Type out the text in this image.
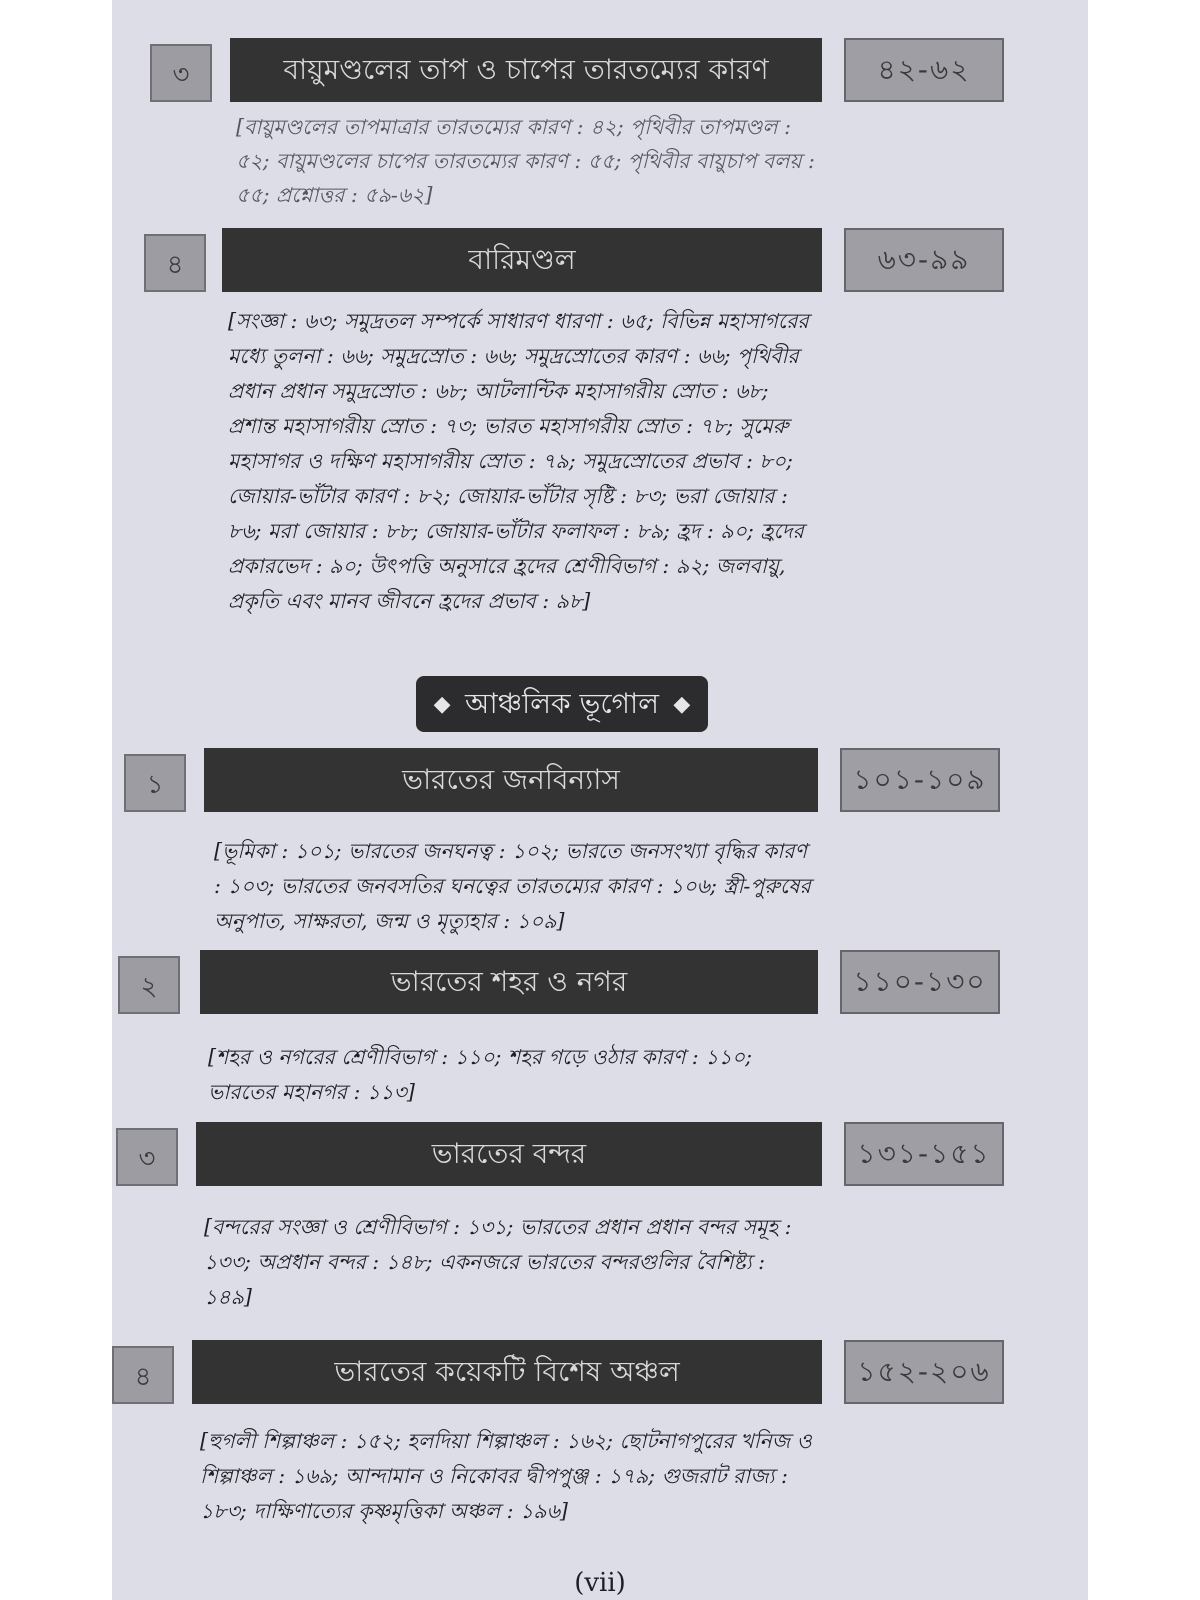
৩	বায়ুমণ্ডলের তাপ ও চাপের তারতম্যের কারণ	৪২-৬২
[বায়ুমণ্ডলের তাপমাত্রার তারতম্যের কারণ : ৪২; পৃথিবীর তাপমণ্ডল : ৫২; বায়ুমণ্ডলের চাপের তারতম্যের কারণ : ৫৫; পৃথিবীর বায়ুচাপ বলয় : ৫৫; প্রশ্নোত্তর : ৫৯-৬২]
৪	বারিমণ্ডল	৬৩-৯৯
[সংজ্ঞা : ৬৩; সমুদ্রতল সম্পর্কে সাধারণ ধারণা : ৬৫; বিভিন্ন মহাসাগরের মধ্যে তুলনা : ৬৬; সমুদ্রস্রোত : ৬৬; সমুদ্রস্রোতের কারণ : ৬৬; পৃথিবীর প্রধান প্রধান সমুদ্রস্রোত : ৬৮; আটলান্টিক মহাসাগরীয় স্রোত : ৬৮; প্রশান্ত মহাসাগরীয় স্রোত : ৭৩; ভারত মহাসাগরীয় স্রোত : ৭৮; সুমেরু মহাসাগর ও দক্ষিণ মহাসাগরীয় স্রোত : ৭৯; সমুদ্রস্রোতের প্রভাব : ৮০; জোয়ার-ভাঁটার কারণ : ৮২; জোয়ার-ভাঁটার সৃষ্টি : ৮৩; ভরা জোয়ার : ৮৬; মরা জোয়ার : ৮৮; জোয়ার-ভাঁটার ফলাফল : ৮৯; হ্রদ : ৯০; হ্রদের প্রকারভেদ : ৯০; উৎপত্তি অনুসারে হ্রদের শ্রেণীবিভাগ : ৯২; জলবায়ু, প্রকৃতি এবং মানব জীবনে হ্রদের প্রভাব : ৯৮]
◆ আঞ্চলিক ভূগোল ◆
১	ভারতের জনবিন্যাস	১০১-১০৯
[ভূমিকা : ১০১; ভারতের জনঘনত্ব : ১০২; ভারতে জনসংখ্যা বৃদ্ধির কারণ : ১০৩; ভারতের জনবসতির ঘনত্বের তারতম্যের কারণ : ১০৬; স্ত্রী-পুরুষের অনুপাত, সাক্ষরতা, জন্ম ও মৃত্যুহার : ১০৯]
২	ভারতের শহর ও নগর	১১০-১৩০
[শহর ও নগরের শ্রেণীবিভাগ : ১১০; শহর গড়ে ওঠার কারণ : ১১০; ভারতের মহানগর : ১১৩]
৩	ভারতের বন্দর	১৩১-১৫১
[বন্দরের সংজ্ঞা ও শ্রেণীবিভাগ : ১৩১; ভারতের প্রধান প্রধান বন্দর সমূহ : ১৩৩; অপ্রধান বন্দর : ১৪৮; একনজরে ভারতের বন্দরগুলির বৈশিষ্ট্য : ১৪৯]
৪	ভারতের কয়েকটি বিশেষ অঞ্চল	১৫২-২০৬
[হুগলী শিল্পাঞ্চল : ১৫২; হলদিয়া শিল্পাঞ্চল : ১৬২; ছোটনাগপুরের খনিজ ও শিল্পাঞ্চল : ১৬৯; আন্দামান ও নিকোবর দ্বীপপুঞ্জ : ১৭৯; গুজরাট রাজ্য : ১৮৩; দাক্ষিণাত্যের কৃষ্ণমৃত্তিকা অঞ্চল : ১৯৬]
(vii)
